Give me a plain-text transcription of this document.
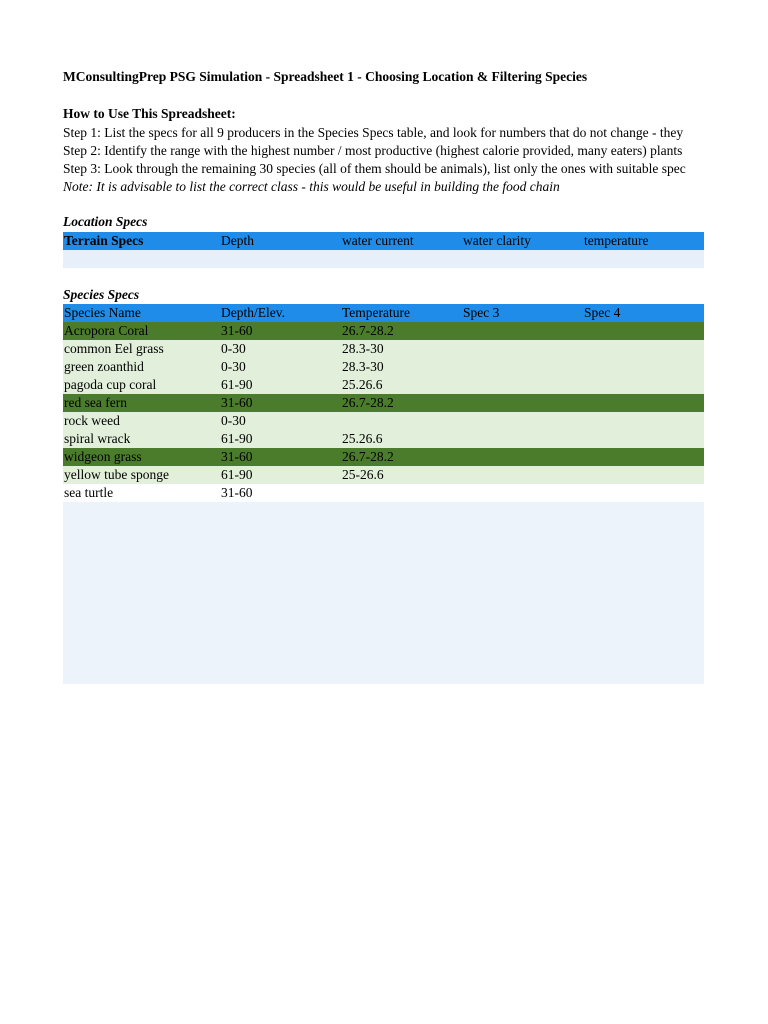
MConsultingPrep PSG Simulation - Spreadsheet 1 - Choosing Location & Filtering Species
How to Use This Spreadsheet:
Step 1: List the specs for all 9 producers in the Species Specs table, and look for numbers that do not change - they
Step 2: Identify the range with the highest number / most productive (highest calorie provided, many eaters) plants
Step 3: Look through the remaining 30 species (all of them should be animals), list only the ones with suitable spec
Note: It is advisable to list the correct class - this would be useful in building the food chain
Location Specs
Terrain Specs	Depth	water current	water clarity	temperature
Species Specs
Species Name	Depth/Elev.	Temperature	Spec 3	Spec 4
Acropora Coral	31-60	26.7-28.2
common Eel grass	0-30	28.3-30
green zoanthid	0-30	28.3-30
pagoda cup coral	61-90	25.26.6
red sea fern	31-60	26.7-28.2
rock weed	0-30
spiral wrack	61-90	25.26.6
widgeon grass	31-60	26.7-28.2
yellow tube sponge	61-90	25-26.6
sea turtle	31-60
